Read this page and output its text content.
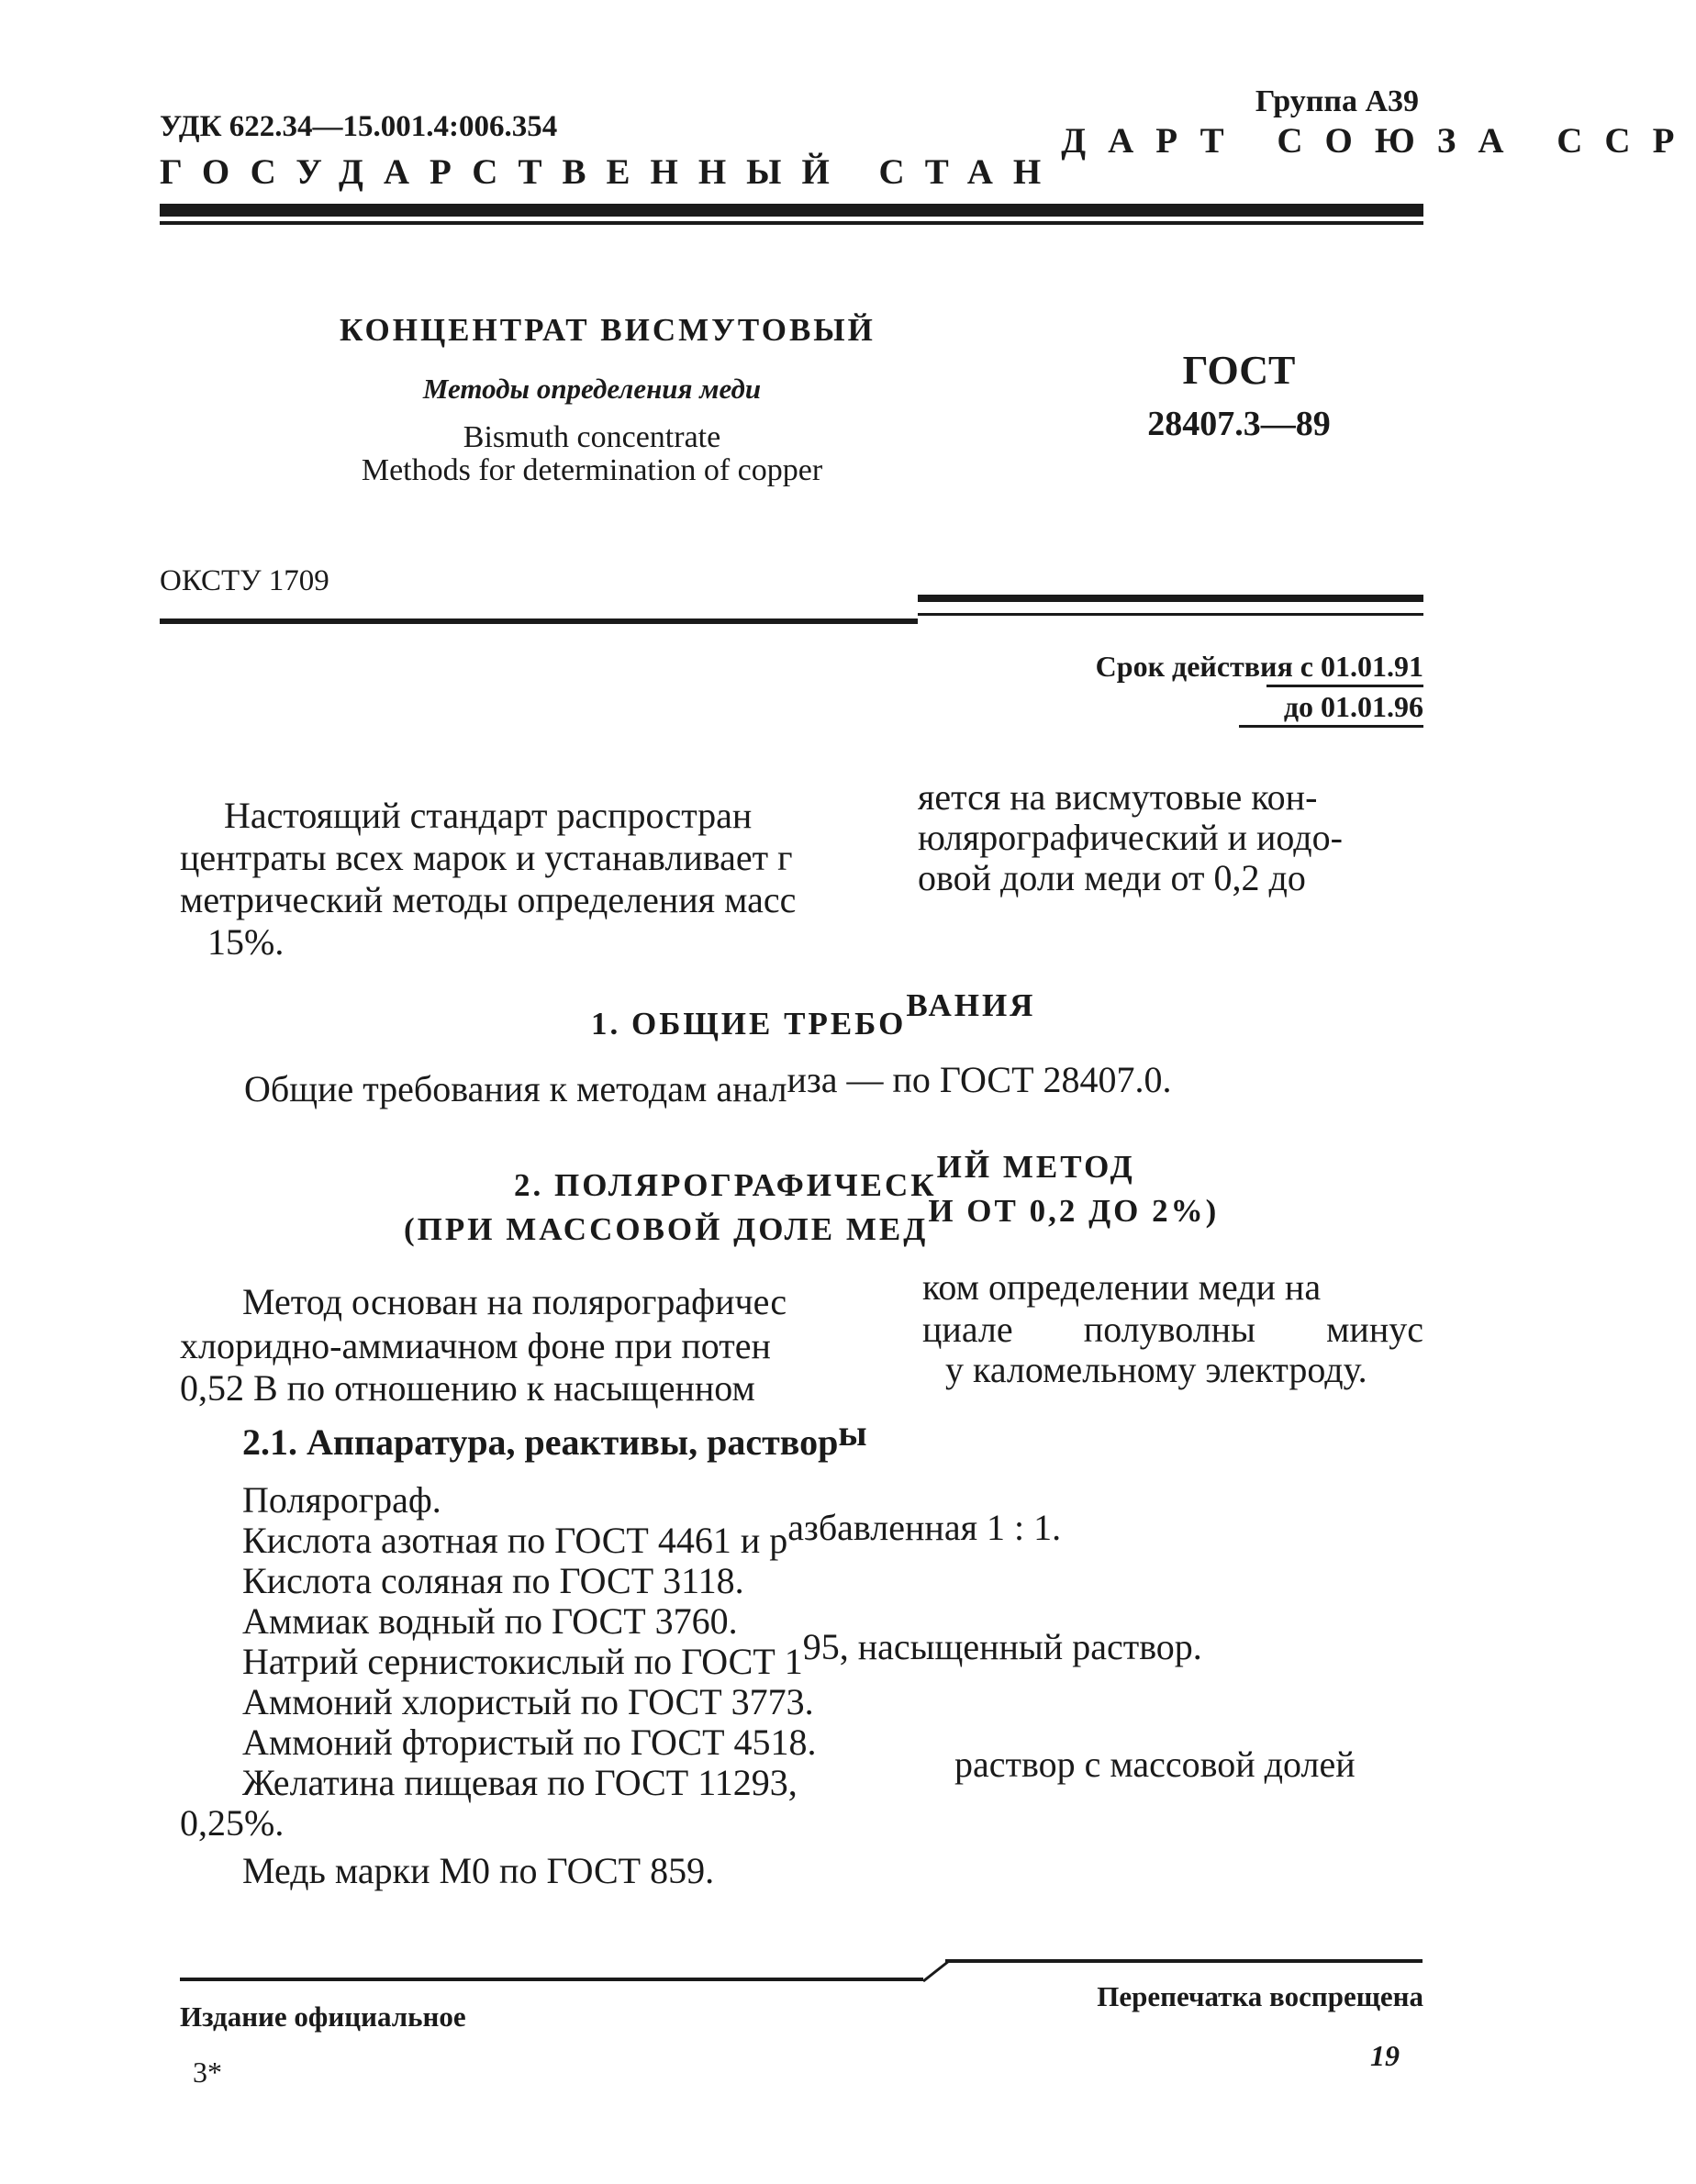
Группа А39
УДК 622.34—15.001.4:006.354
ГОСУДАРСТВЕННЫЙ СТАНДАРТ СОЮЗА ССР
КОНЦЕНТРАТ ВИСМУТОВЫЙ
Методы определения меди
Bismuth concentrate
Methods for determination of copper
ГОСТ
28407.3—89
ОКСТУ 1709
Срок действия с 01.01.91
до 01.01.96
Настоящий стандарт распростран	яется на висмутовые кон-
центраты всех марок и устанавливает г	юлярографический и иодо-
метрический методы определения масс
овой доли меди от 0,2 до
15%.
1. ОБЩИЕ ТРЕБОВАНИЯ
Общие требования к методам анализа — по ГОСТ 28407.0.
2. ПОЛЯРОГРАФИЧЕСКИЙ МЕТОД
(ПРИ МАССОВОЙ ДОЛЕ МЕДИ ОТ 0,2 ДО 2%)
Метод основан на полярографичес	ком определении меди на
хлоридно-аммиачном фоне при потен	циале полуволны минус
0,52 В по отношению к насыщенном	у каломельному электроду.
2.1. Аппаратура, реактивы, растворы
Полярограф.
Кислота азотная по ГОСТ 4461 и разбавленная 1 : 1.
Кислота соляная по ГОСТ 3118.
Аммиак водный по ГОСТ 3760.
Натрий сернистокислый по ГОСТ 195, насыщенный раствор.
Аммоний хлористый по ГОСТ 3773.
Аммоний фтористый по ГОСТ 4518.
Желатина пищевая по ГОСТ 11293,	раствор с массовой долей
0,25%.
Медь марки М0 по ГОСТ 859.
Издание официальное
Перепечатка воспрещена
19
3*
